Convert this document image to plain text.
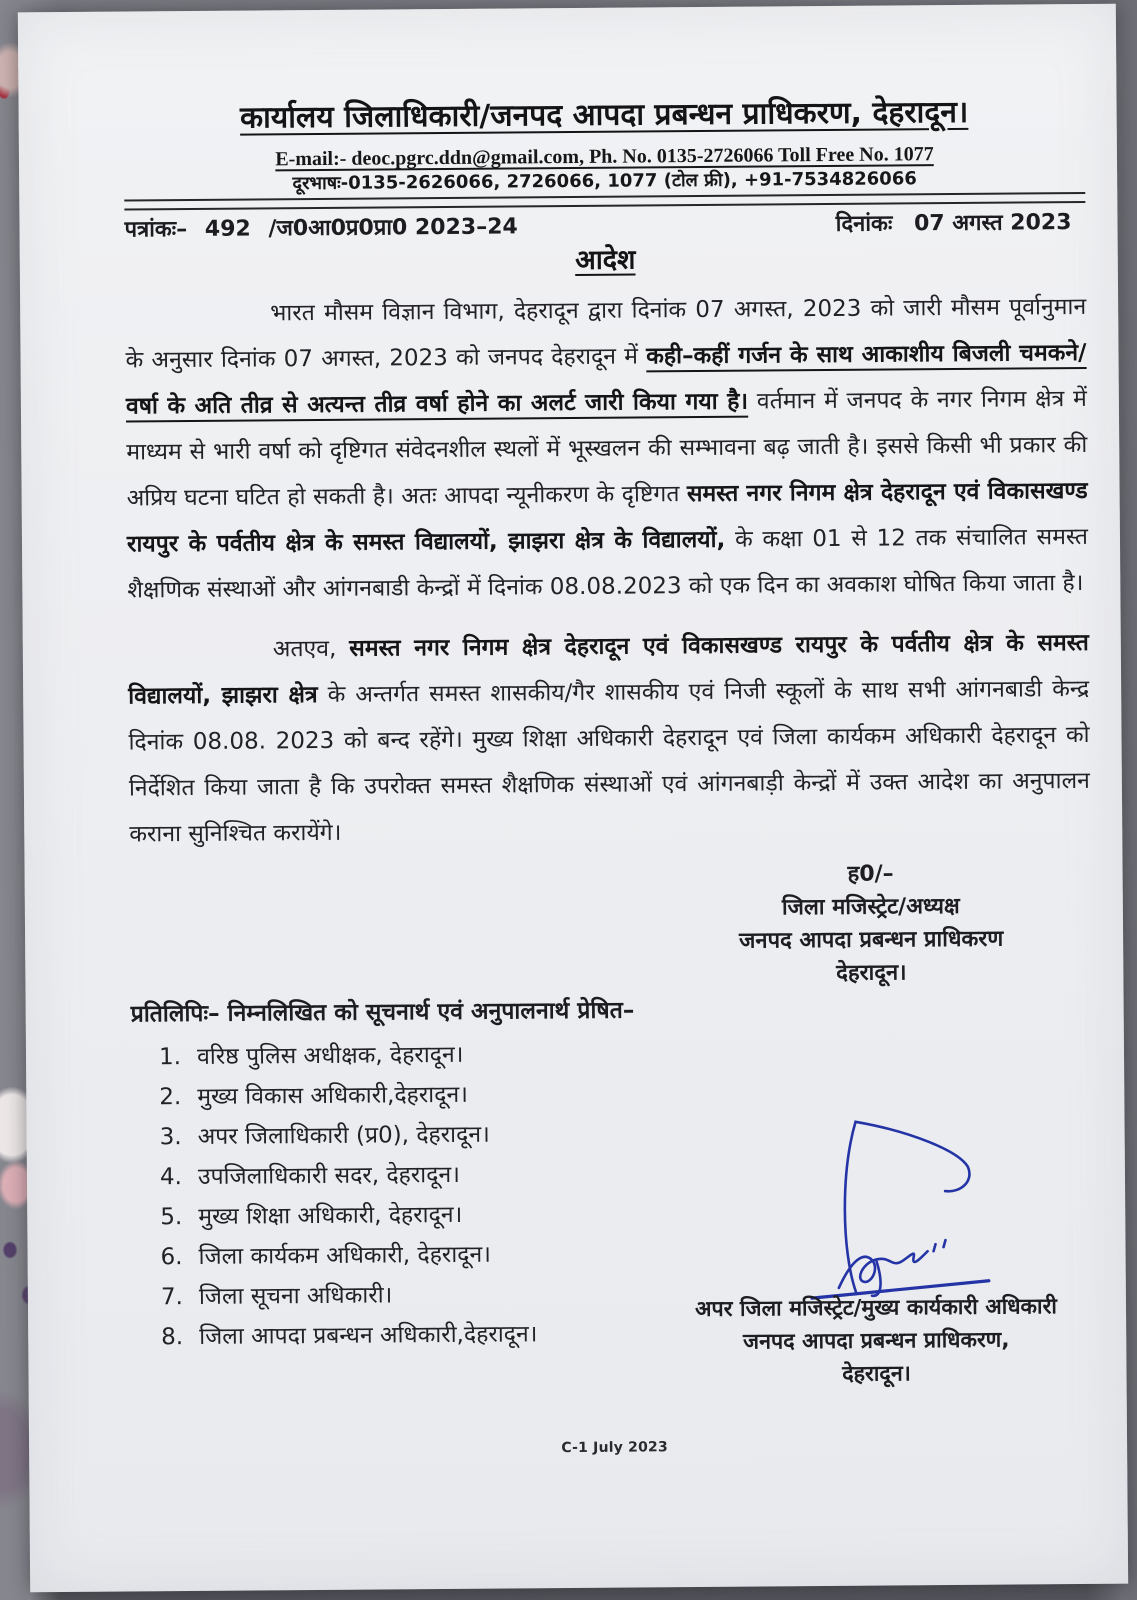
कार्यालय जिलाधिकारी/जनपद आपदा प्रबन्धन प्राधिकरण, देहरादून।
E-mail:- deoc.pgrc.ddn@gmail.com, Ph. No. 0135-2726066 Toll Free No. 1077
दूरभाषः-0135-2626066, 2726066, 1077 (टोल फ्री), +91-7534826066
पत्रांकः– 492 /ज0आ0प्र0प्रा0 2023–24	दिनांकः 07 अगस्त 2023
आदेश

भारत मौसम विज्ञान विभाग, देहरादून द्वारा दिनांक 07 अगस्त, 2023 को जारी मौसम पूर्वानुमान के अनुसार दिनांक 07 अगस्त, 2023 को जनपद देहरादून में कही–कहीं गर्जन के साथ आकाशीय बिजली चमकने/वर्षा के अति तीव्र से अत्यन्त तीव्र वर्षा होने का अलर्ट जारी किया गया है। वर्तमान में जनपद के नगर निगम क्षेत्र में माध्यम से भारी वर्षा को दृष्टिगत संवेदनशील स्थलों में भूस्खलन की सम्भावना बढ़ जाती है। इससे किसी भी प्रकार की अप्रिय घटना घटित हो सकती है। अतः आपदा न्यूनीकरण के दृष्टिगत समस्त नगर निगम क्षेत्र देहरादून एवं विकासखण्ड रायपुर के पर्वतीय क्षेत्र के समस्त विद्यालयों, झाझरा क्षेत्र के विद्यालयों, के कक्षा 01 से 12 तक संचालित समस्त शैक्षणिक संस्थाओं और आंगनबाडी केन्द्रों में दिनांक 08.08.2023 को एक दिन का अवकाश घोषित किया जाता है।

अतएव, समस्त नगर निगम क्षेत्र देहरादून एवं विकासखण्ड रायपुर के पर्वतीय क्षेत्र के समस्त विद्यालयों, झाझरा क्षेत्र के अन्तर्गत समस्त शासकीय/गैर शासकीय एवं निजी स्कूलों के साथ सभी आंगनबाडी केन्द्र दिनांक 08.08. 2023 को बन्द रहेंगे। मुख्य शिक्षा अधिकारी देहरादून एवं जिला कार्यकम अधिकारी देहरादून को निर्देशित किया जाता है कि उपरोक्त समस्त शैक्षणिक संस्थाओं एवं आंगनबाड़ी केन्द्रों में उक्त आदेश का अनुपालन कराना सुनिश्चित करायेंगे।

ह0/–
जिला मजिस्ट्रेट/अध्यक्ष
जनपद आपदा प्रबन्धन प्राधिकरण
देहरादून।
प्रतिलिपिः– निम्नलिखित को सूचनार्थ एवं अनुपालनार्थ प्रेषित–
1. वरिष्ठ पुलिस अधीक्षक, देहरादून।
2. मुख्य विकास अधिकारी,देहरादून।
3. अपर जिलाधिकारी (प्र0), देहरादून।
4. उपजिलाधिकारी सदर, देहरादून।
5. मुख्य शिक्षा अधिकारी, देहरादून।
6. जिला कार्यकम अधिकारी, देहरादून।
7. जिला सूचना अधिकारी।
8. जिला आपदा प्रबन्धन अधिकारी,देहरादून।
अपर जिला मजिस्ट्रेट/मुख्य कार्यकारी अधिकारी
जनपद आपदा प्रबन्धन प्राधिकरण,
देहरादून।
C-1 July 2023
